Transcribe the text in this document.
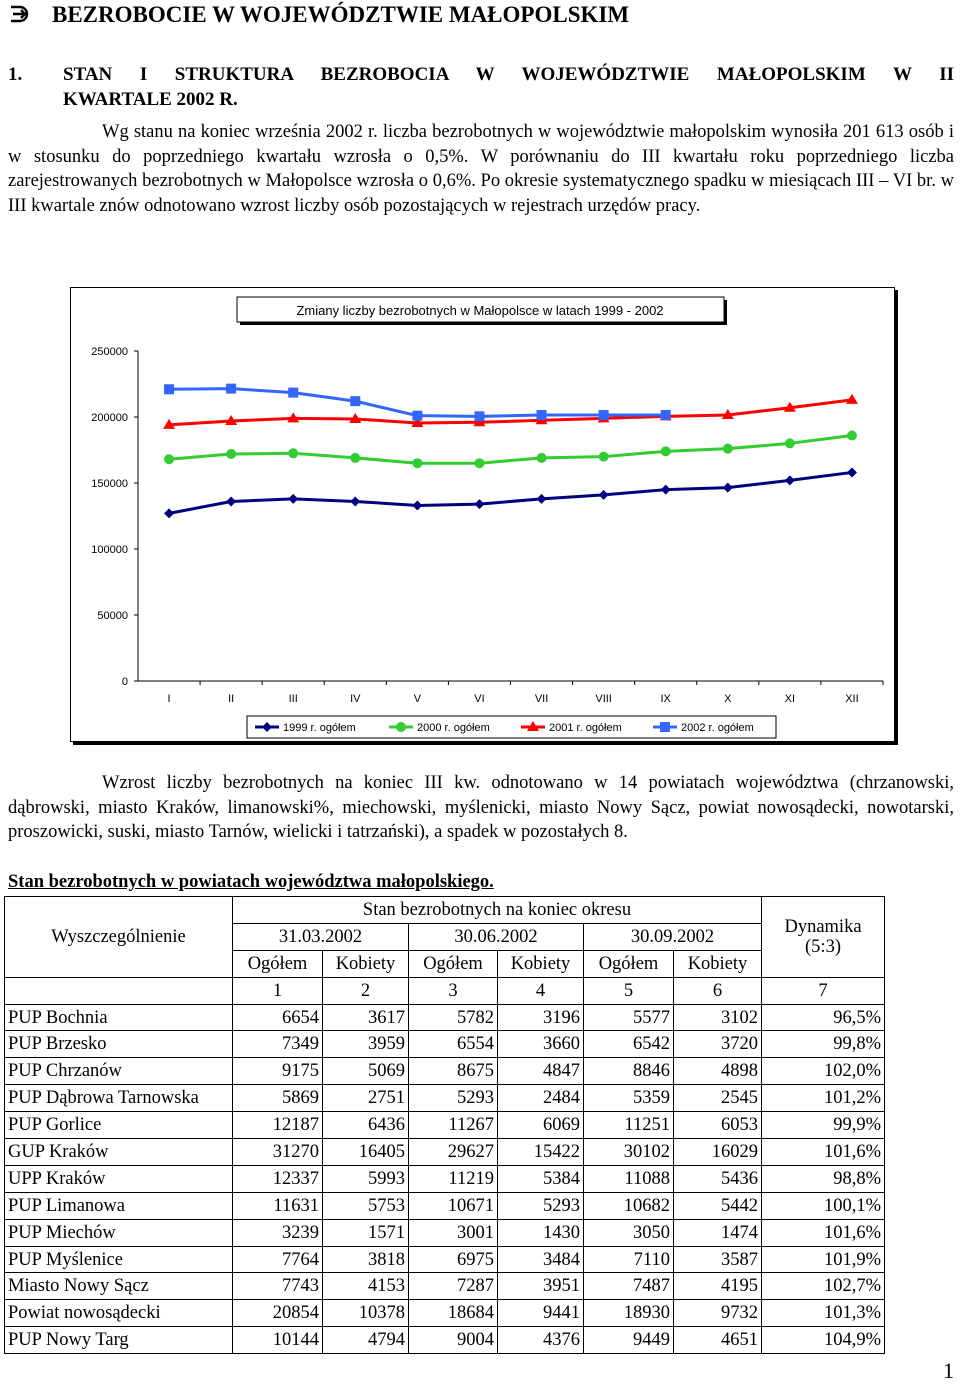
BEZROBOCIE W WOJEWÓDZTWIE MAŁOPOLSKIM
1.	STAN I STRUKTURA BEZROBOCIA W WOJEWÓDZTWIE MAŁOPOLSKIM W II
KWARTALE 2002 R.
Wg stanu na koniec września 2002 r. liczba bezrobotnych w województwie małopolskim wynosiła 201 613 osób i w stosunku do poprzedniego kwartału wzrosła o 0,5%. W porównaniu do III kwartału roku poprzedniego liczba zarejestrowanych bezrobotnych w Małopolsce wzrosła o 0,6%. Po okresie systematycznego spadku w miesiącach III – VI br. w III kwartale znów odnotowano wzrost liczby osób pozostających w rejestrach urzędów pracy.
250000
200000
150000
100000
50000
0
I	II	III	IV	V	VI	VII	VIII	IX	X	XI	XII
Zmiany liczby bezrobotnych w Małopolsce w latach 1999 - 2002
1999 r. ogółem	2000 r. ogółem	2001 r. ogółem	2002 r. ogółem
Wzrost liczby bezrobotnych na koniec III kw. odnotowano w 14 powiatach województwa (chrzanowski, dąbrowski, miasto Kraków, limanowski%, miechowski, myślenicki, miasto Nowy Sącz, powiat nowosądecki, nowotarski, proszowicki, suski, miasto Tarnów, wielicki i tatrzański), a spadek w pozostałych 8.
Stan bezrobotnych w powiatach województwa małopolskiego.
Wyszczególnienie	Stan bezrobotnych na koniec okresu						Dynamika
(5:3)

	31.03.2002		30.06.2002		30.09.2002		
	Ogółem	Kobiety	Ogółem	Kobiety	Ogółem	Kobiety	
	1	2	3	4	5	6	7
PUP Bochnia	6654	3617	5782	3196	5577	3102	96,5%
PUP Brzesko	7349	3959	6554	3660	6542	3720	99,8%
PUP Chrzanów	9175	5069	8675	4847	8846	4898	102,0%
PUP Dąbrowa Tarnowska	5869	2751	5293	2484	5359	2545	101,2%
PUP Gorlice	12187	6436	11267	6069	11251	6053	99,9%
GUP Kraków	31270	16405	29627	15422	30102	16029	101,6%
UPP Kraków	12337	5993	11219	5384	11088	5436	98,8%
PUP Limanowa	11631	5753	10671	5293	10682	5442	100,1%
PUP Miechów	3239	1571	3001	1430	3050	1474	101,6%
PUP Myślenice	7764	3818	6975	3484	7110	3587	101,9%
Miasto Nowy Sącz	7743	4153	7287	3951	7487	4195	102,7%
Powiat nowosądecki	20854	10378	18684	9441	18930	9732	101,3%
PUP Nowy Targ	10144	4794	9004	4376	9449	4651	104,9%
1
